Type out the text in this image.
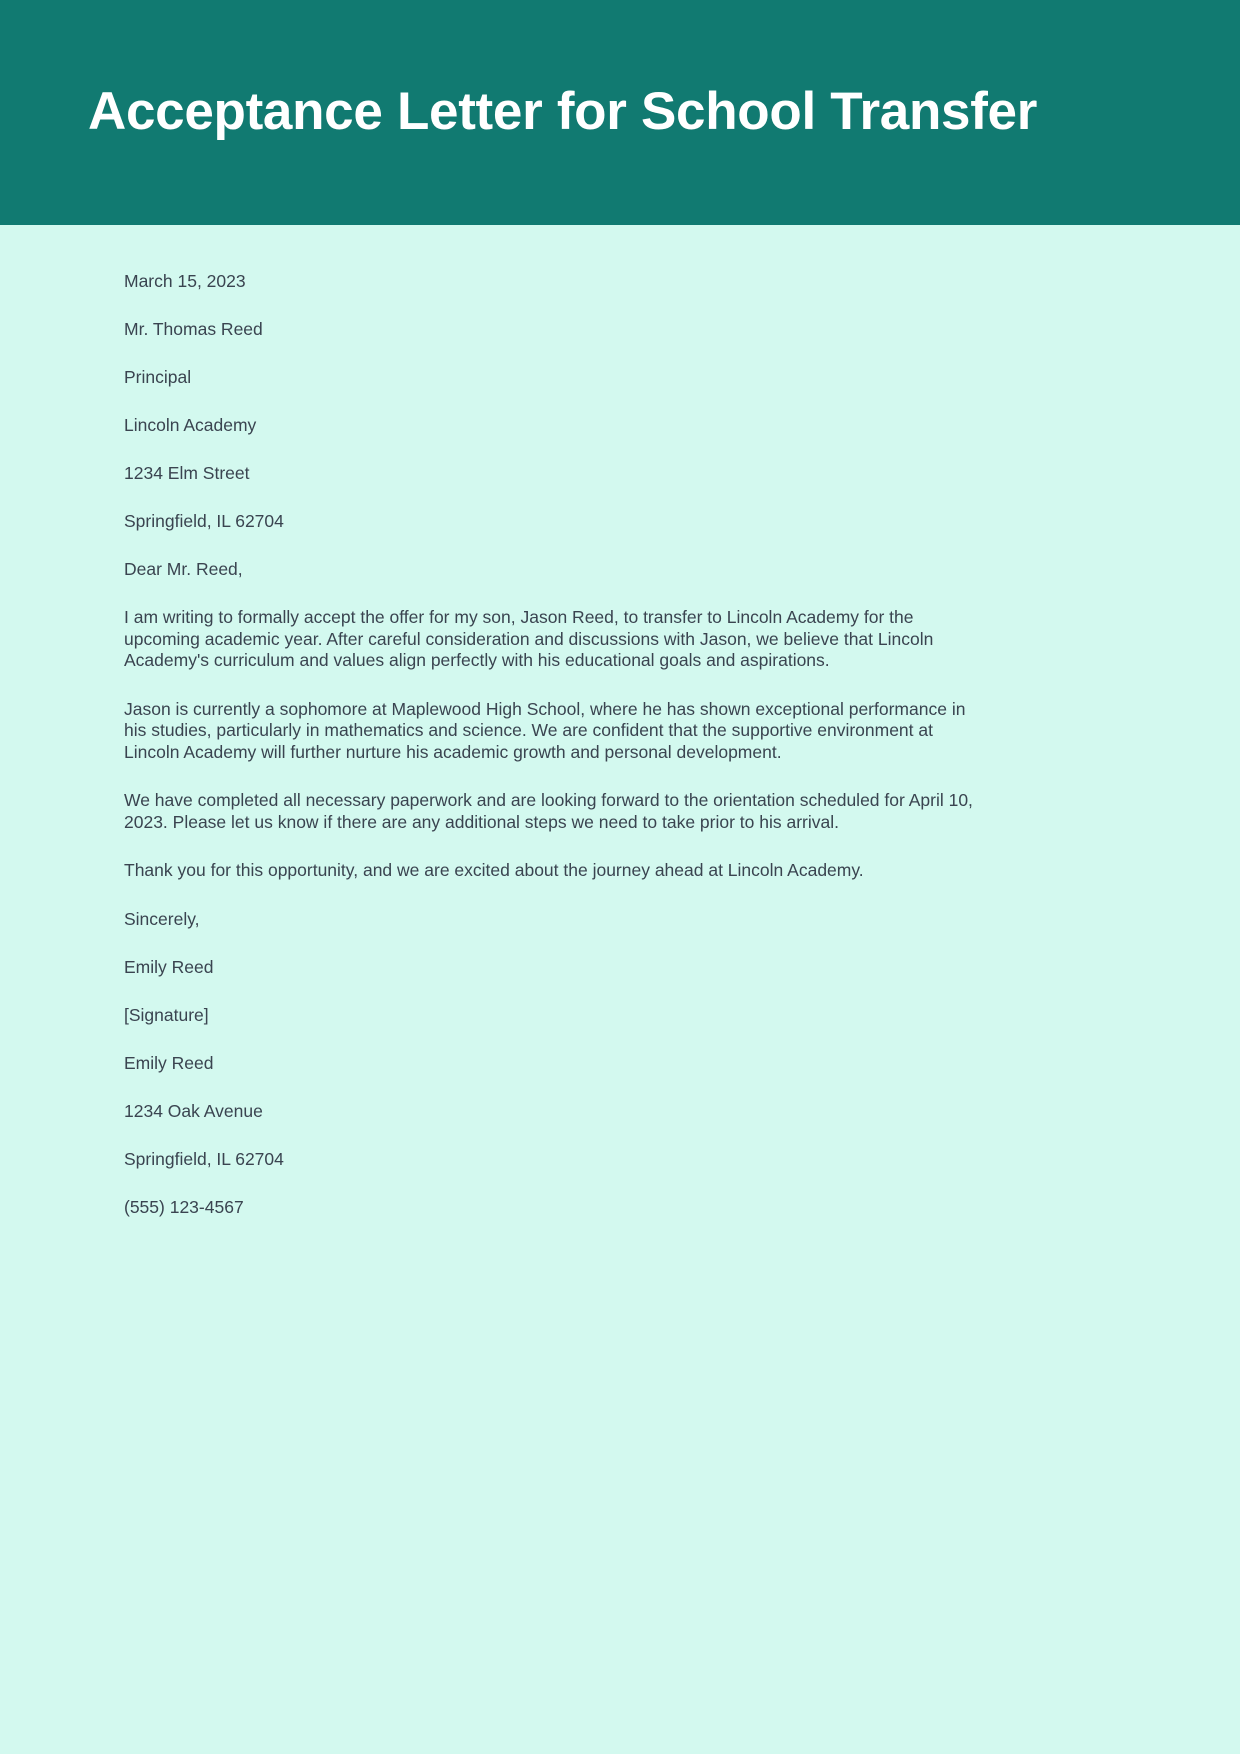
Acceptance Letter for School Transfer

March 15, 2023

Mr. Thomas Reed

Principal

Lincoln Academy

1234 Elm Street

Springfield, IL 62704

Dear Mr. Reed,

I am writing to formally accept the offer for my son, Jason Reed, to transfer to Lincoln Academy for the upcoming academic year. After careful consideration and discussions with Jason, we believe that Lincoln Academy's curriculum and values align perfectly with his educational goals and aspirations.

Jason is currently a sophomore at Maplewood High School, where he has shown exceptional performance in his studies, particularly in mathematics and science. We are confident that the supportive environment at Lincoln Academy will further nurture his academic growth and personal development.

We have completed all necessary paperwork and are looking forward to the orientation scheduled for April 10, 2023. Please let us know if there are any additional steps we need to take prior to his arrival.

Thank you for this opportunity, and we are excited about the journey ahead at Lincoln Academy.

Sincerely,

Emily Reed

[Signature]

Emily Reed

1234 Oak Avenue

Springfield, IL 62704

(555) 123-4567
